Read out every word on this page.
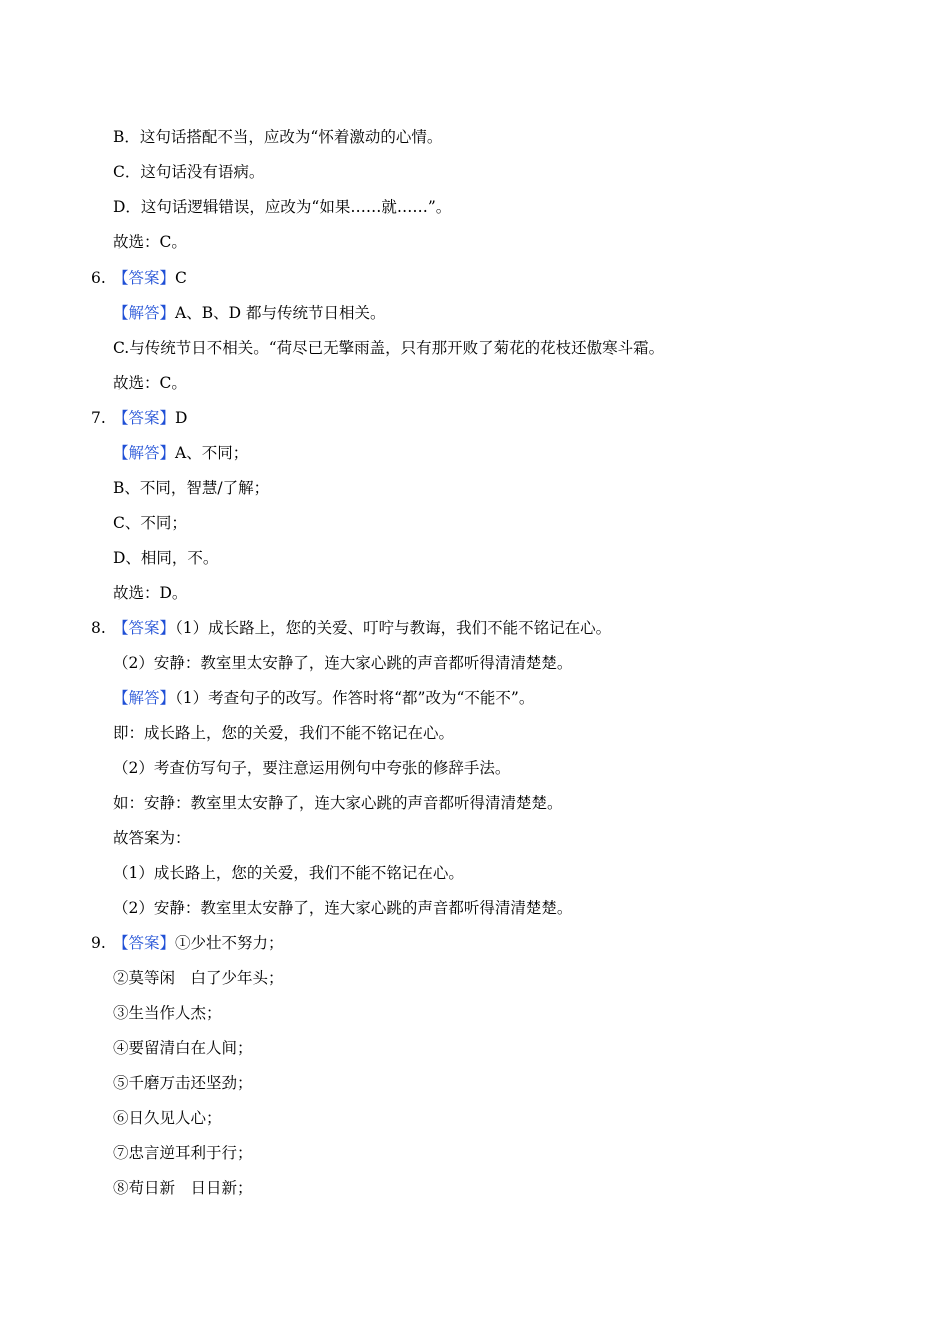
B．这句话搭配不当，应改为“怀着激动的心情。
C．这句话没有语病。
D．这句话逻辑错误，应改为“如果……就……”。
故选：C。
6. 【答案】C
【解答】A、B、D 都与传统节日相关。
C.与传统节日不相关。“荷尽已无擎雨盖，只有那开败了菊花的花枝还傲寒斗霜。
故选：C。
7. 【答案】D
【解答】A、不同；
B、不同，智慧/了解；
C、不同；
D、相同，不。
故选：D。
8. 【答案】（1）成长路上，您的关爱、叮咛与教诲，我们不能不铭记在心。
（2）安静：教室里太安静了，连大家心跳的声音都听得清清楚楚。
【解答】（1）考查句子的改写。作答时将“都”改为“不能不”。
即：成长路上，您的关爱，我们不能不铭记在心。
（2）考查仿写句子，要注意运用例句中夸张的修辞手法。
如：安静：教室里太安静了，连大家心跳的声音都听得清清楚楚。
故答案为：
（1）成长路上，您的关爱，我们不能不铭记在心。
（2）安静：教室里太安静了，连大家心跳的声音都听得清清楚楚。
9. 【答案】①少壮不努力；
②莫等闲　白了少年头；
③生当作人杰；
④要留清白在人间；
⑤千磨万击还坚劲；
⑥日久见人心；
⑦忠言逆耳利于行；
⑧苟日新　日日新；
